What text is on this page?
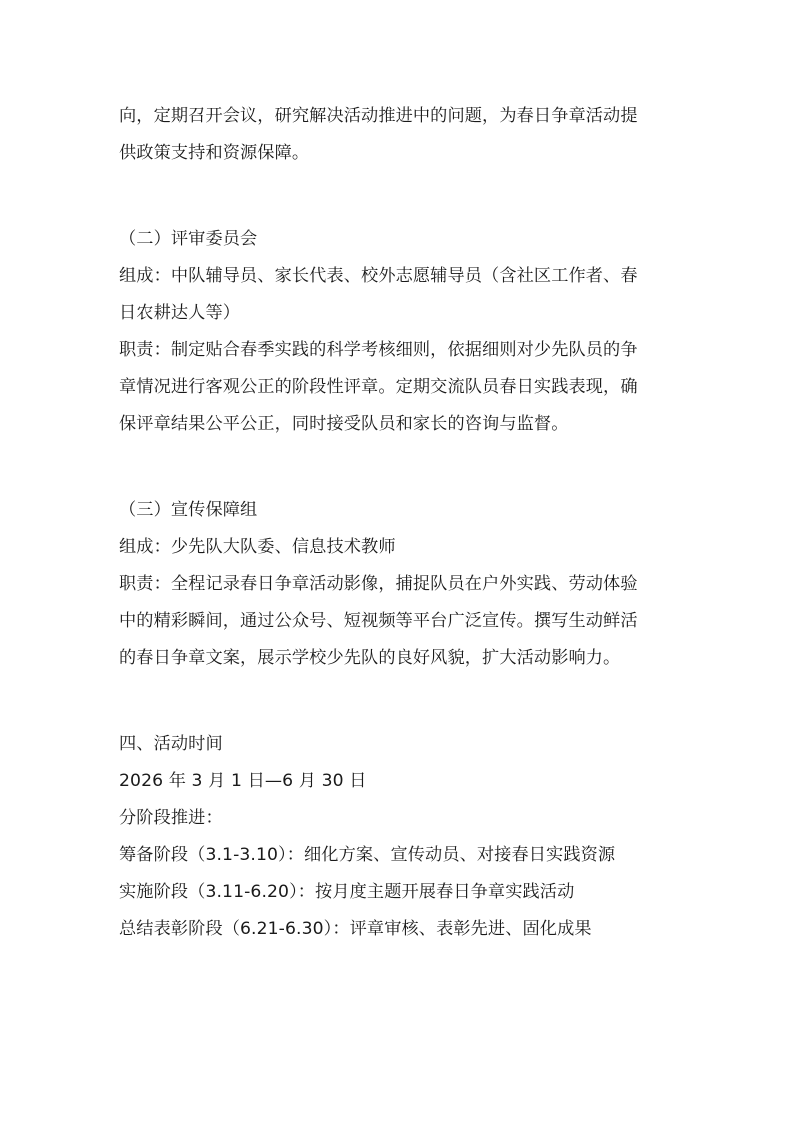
向，定期召开会议，研究解决活动推进中的问题，为春日争章活动提
供政策支持和资源保障。
（二）评审委员会
组成：中队辅导员、家长代表、校外志愿辅导员（含社区工作者、春
日农耕达人等）
职责：制定贴合春季实践的科学考核细则，依据细则对少先队员的争
章情况进行客观公正的阶段性评章。定期交流队员春日实践表现，确
保评章结果公平公正，同时接受队员和家长的咨询与监督。
（三）宣传保障组
组成：少先队大队委、信息技术教师
职责：全程记录春日争章活动影像，捕捉队员在户外实践、劳动体验
中的精彩瞬间，通过公众号、短视频等平台广泛宣传。撰写生动鲜活
的春日争章文案，展示学校少先队的良好风貌，扩大活动影响力。
四、活动时间
2026 年 3 月 1 日—6 月 30 日
分阶段推进：
筹备阶段（3.1-3.10）：细化方案、宣传动员、对接春日实践资源
实施阶段（3.11-6.20）：按月度主题开展春日争章实践活动
总结表彰阶段（6.21-6.30）：评章审核、表彰先进、固化成果
